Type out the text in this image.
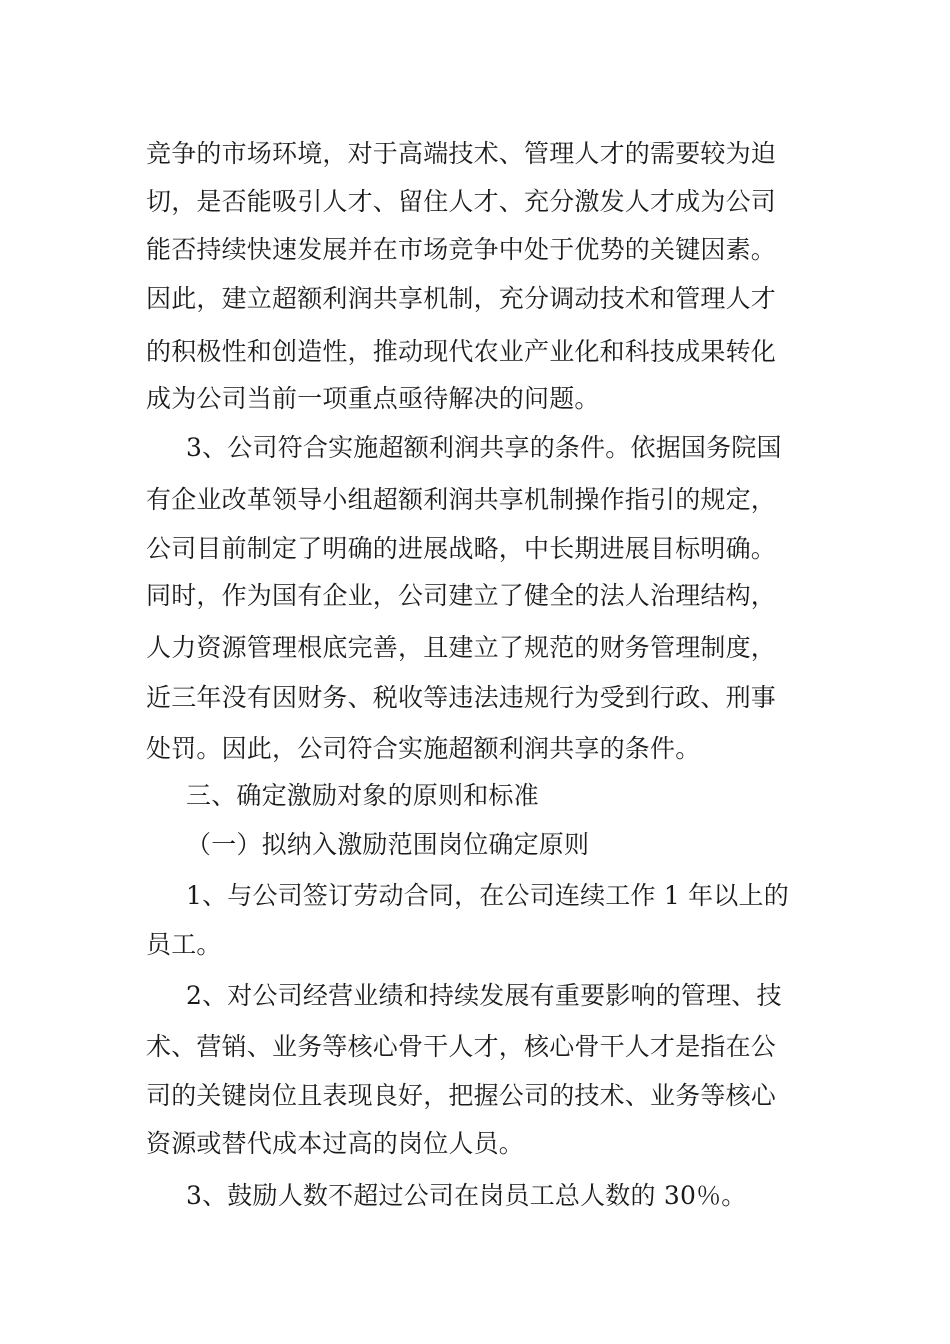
竞争的市场环境，对于高端技术、管理人才的需要较为迫
切，是否能吸引人才、留住人才、充分激发人才成为公司
能否持续快速发展并在市场竞争中处于优势的关键因素。
因此，建立超额利润共享机制，充分调动技术和管理人才
的积极性和创造性，推动现代农业产业化和科技成果转化
成为公司当前一项重点亟待解决的问题。
3、公司符合实施超额利润共享的条件。依据国务院国
有企业改革领导小组超额利润共享机制操作指引的规定，
公司目前制定了明确的进展战略，中长期进展目标明确。
同时，作为国有企业，公司建立了健全的法人治理结构，
人力资源管理根底完善，且建立了规范的财务管理制度，
近三年没有因财务、税收等违法违规行为受到行政、刑事
处罚。因此，公司符合实施超额利润共享的条件。
三、确定激励对象的原则和标准
（一）拟纳入激励范围岗位确定原则
1、与公司签订劳动合同，在公司连续工作 1 年以上的
员工。
2、对公司经营业绩和持续发展有重要影响的管理、技
术、营销、业务等核心骨干人才，核心骨干人才是指在公
司的关键岗位且表现良好，把握公司的技术、业务等核心
资源或替代成本过高的岗位人员。
3、鼓励人数不超过公司在岗员工总人数的 30％。
